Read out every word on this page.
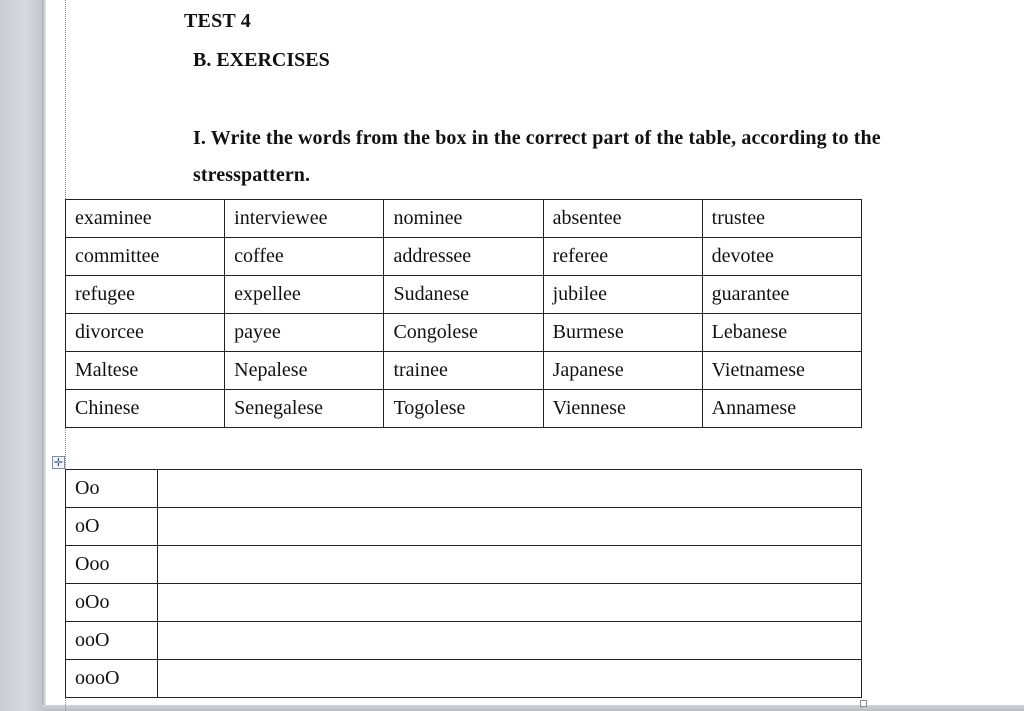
TEST 4
B. EXERCISES
I. Write the words from the box in the correct part of the table, according to the stresspattern.
examinee	interviewee	nominee	absentee	trustee
committee	coffee	addressee	referee	devotee
refugee	expellee	Sudanese	jubilee	guarantee
divorcee	payee	Congolese	Burmese	Lebanese
Maltese	Nepalese	trainee	Japanese	Vietnamese
Chinese	Senegalese	Togolese	Viennese	Annamese
✛
Oo	
oO	
Ooo	
oOo	
ooO	
oooO	
